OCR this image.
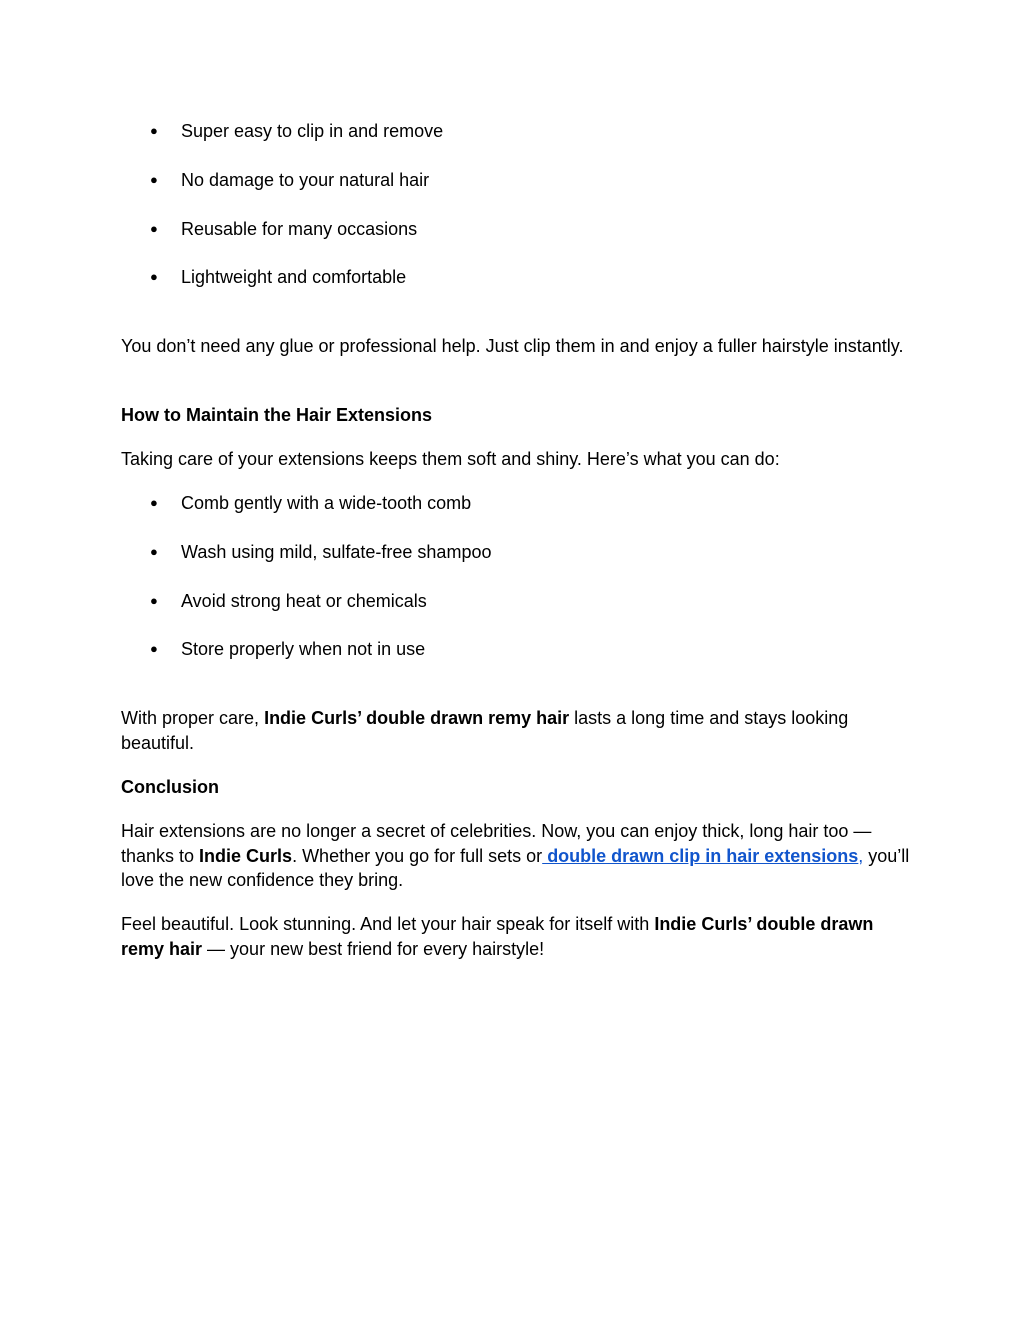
●	Super easy to clip in and remove
●	No damage to your natural hair
●	Reusable for many occasions
●	Lightweight and comfortable

You don’t need any glue or professional help. Just clip them in and enjoy a fuller hairstyle instantly.

How to Maintain the Hair Extensions

Taking care of your extensions keeps them soft and shiny. Here’s what you can do:

●	Comb gently with a wide-tooth comb
●	Wash using mild, sulfate-free shampoo
●	Avoid strong heat or chemicals
●	Store properly when not in use

With proper care, Indie Curls’ double drawn remy hair lasts a long time and stays looking beautiful.

Conclusion

Hair extensions are no longer a secret of celebrities. Now, you can enjoy thick, long hair too — thanks to Indie Curls. Whether you go for full sets or double drawn clip in hair extensions, you’ll love the new confidence they bring.

Feel beautiful. Look stunning. And let your hair speak for itself with Indie Curls’ double drawn remy hair — your new best friend for every hairstyle!
